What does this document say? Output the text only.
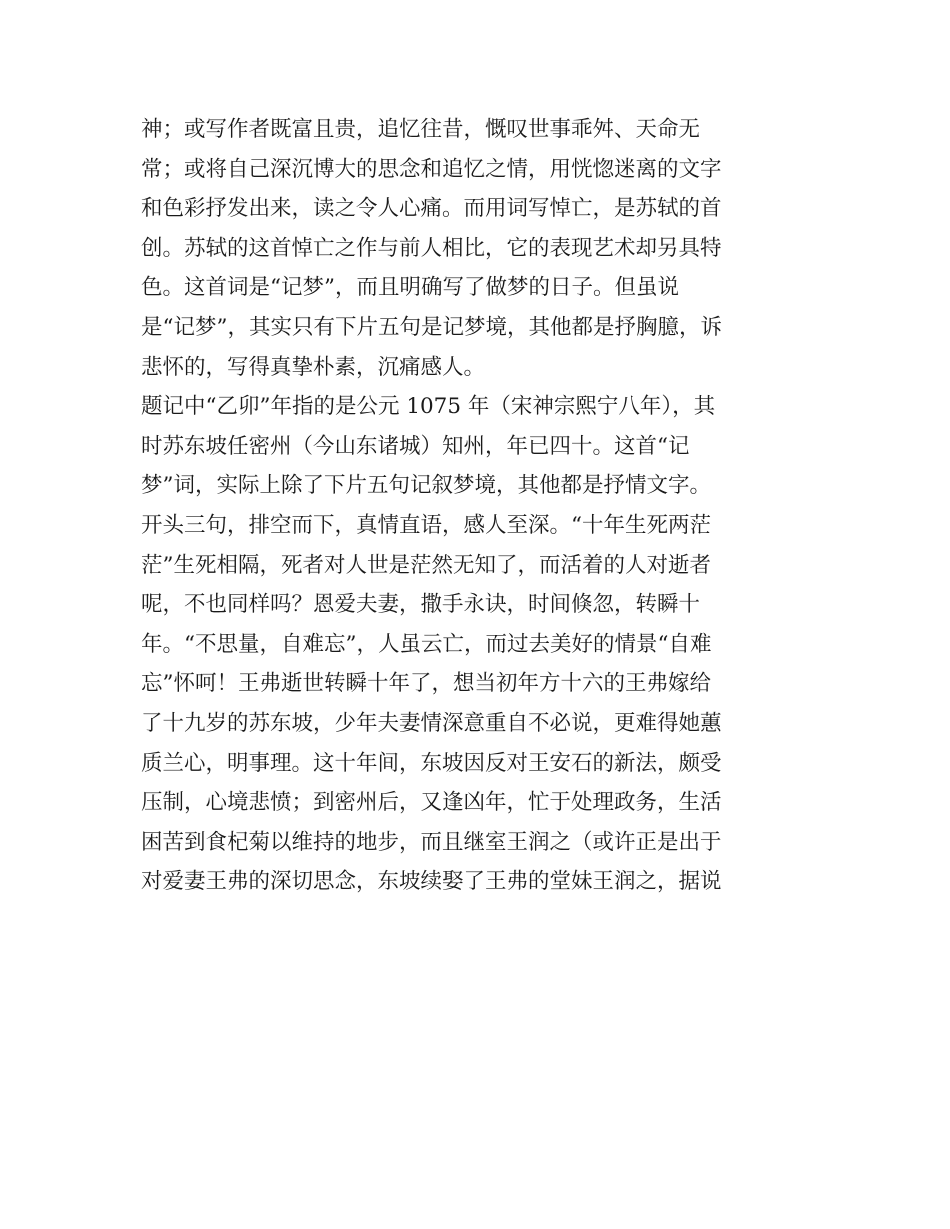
神；或写作者既富且贵，追忆往昔，慨叹世事乖舛、天命无
常；或将自己深沉博大的思念和追忆之情，用恍惚迷离的文字
和色彩抒发出来，读之令人心痛。而用词写悼亡，是苏轼的首
创。苏轼的这首悼亡之作与前人相比，它的表现艺术却另具特
色。这首词是“记梦”，而且明确写了做梦的日子。但虽说
是“记梦”，其实只有下片五句是记梦境，其他都是抒胸臆，诉
悲怀的，写得真挚朴素，沉痛感人。
题记中“乙卯”年指的是公元 1075 年（宋神宗熙宁八年），其
时苏东坡任密州（今山东诸城）知州，年已四十。这首“记
梦”词，实际上除了下片五句记叙梦境，其他都是抒情文字。
开头三句，排空而下，真情直语，感人至深。“十年生死两茫
茫”生死相隔，死者对人世是茫然无知了，而活着的人对逝者
呢，不也同样吗？恩爱夫妻，撒手永诀，时间倏忽，转瞬十
年。“不思量，自难忘”，人虽云亡，而过去美好的情景“自难
忘”怀呵！王弗逝世转瞬十年了，想当初年方十六的王弗嫁给
了十九岁的苏东坡，少年夫妻情深意重自不必说，更难得她蕙
质兰心，明事理。这十年间，东坡因反对王安石的新法，颇受
压制，心境悲愤；到密州后，又逢凶年，忙于处理政务，生活
困苦到食杞菊以维持的地步，而且继室王润之（或许正是出于
对爱妻王弗的深切思念，东坡续娶了王弗的堂妹王润之，据说
